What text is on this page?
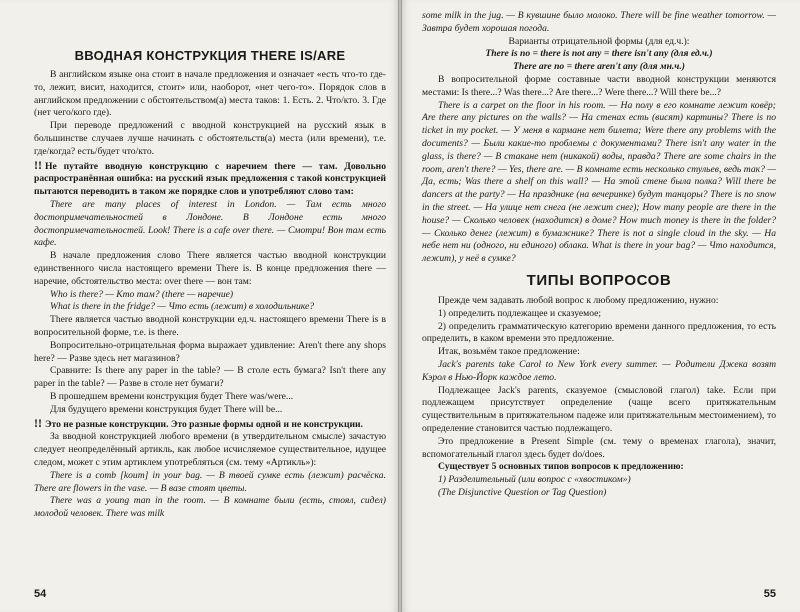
ВВОДНАЯ КОНСТРУКЦИЯ THERE IS/ARE

В английском языке она стоит в начале предложения и означает «есть что-то где-то, лежит, висит, находится, стоит» или, наоборот, «нет чего-то». Порядок слов в английском предложении с обстоятельством(а) места таков: 1. Есть. 2. Что/кто. 3. Где (нет чего/кого где).

При переводе предложений с вводной конструкцией на русский язык в большинстве случаев лучше начинать с обстоятельств(а) места (или времени), т.е. где/когда? есть/будет что/кто.

!! Не путайте вводную конструкцию с наречием there — там. Довольно распространённая ошибка: на русский язык предложения с такой конструкцией пытаются переводить в таком же порядке слов и употребляют слово там:

There are many places of interest in London. — Там есть много достопримечательностей в Лондоне. В Лондоне есть много достопримечательностей. Look! There is a cafe over there. — Смотри! Вон там есть кафе.

В начале предложения слово There является частью вводной конструкции единственного числа настоящего времени There is. В конце предложения there — наречие, обстоятельство места: over there — вон там:

Who is there? — Кто там? (there — наречие)

What is there in the fridge? — Что есть (лежит) в холодильнике?

There является частью вводной конструкции ед.ч. настоящего времени There is в вопросительной форме, т.е. is there.

Вопросительно-отрицательная форма выражает удивление: Aren't there any shops here? — Разве здесь нет магазинов?

Сравните: Is there any paper in the table? — В столе есть бумага? Isn't there any paper in the table? — Разве в столе нет бумаги?

В прошедшем времени конструкция будет There was/were...

Для будущего времени конструкция будет There will be...

!! Это не разные конструкции. Это разные формы одной и не конструкции.

За вводной конструкцией любого времени (в утвердительном смысле) зачастую следует неопределённый артикль, как любое исчисляемое существительное, идущее следом, может с этим артиклем употребляться (см. тему «Артикль»):

There is a comb [koum] in your bag. — В твоей сумке есть (лежит) расчёска. There are flowers in the vase. — В вазе стоят цветы.

There was a young man in the room. — В комнате были (есть, стоял, сидел) молодой человек. There was milk

54

some milk in the jug. — В кувшине было молоко. There will be fine weather tomorrow. — Завтра будет хорошая погода.

Варианты отрицательной формы (для ед.ч.):

There is no = there is not any = there isn't any (для ед.ч.)

There are no = there aren't any (для мн.ч.)

В вопросительной форме составные части вводной конструкции меняются местами: Is there...? Was there...? Are there...? Were there...? Will there be...?

There is a carpet on the floor in his room. — На полу в его комнате лежит ковёр; Are there any pictures on the walls? — На стенах есть (висят) картины? There is no ticket in my pocket. — У меня в кармане нет билета; Were there any problems with the documents? — Были какие-то проблемы с документами? There isn't any water in the glass, is there? — В стакане нет (никакой) воды, правда? There are some chairs in the room, aren't there? — Yes, there are. — В комнате есть несколько стульев, ведь так? — Да, есть; Was there a shelf on this wall? — На этой стене была полка? Will there be dancers at the party? — На празднике (на вечеринке) будут танцоры? There is no snow in the street. — На улице нет снега (не лежит снег); How many people are there in the house? — Сколько человек (находится) в доме? How much money is there in the folder? — Сколько денег (лежит) в бумажнике? There is not a single cloud in the sky. — На небе нет ни (одного, ни единого) облака. What is there in your bag? — Что находится, лежит), у неё в сумке?

ТИПЫ ВОПРОСОВ

Прежде чем задавать любой вопрос к любому предложению, нужно:

1) определить подлежащее и сказуемое;

2) определить грамматическую категорию времени данного предложения, то есть определить, в каком времени это предложение.

Итак, возьмём такое предложение:

Jack's parents take Carol to New York every summer. — Родители Джека возят Кэрол в Нью-Йорк каждое лето.

Подлежащее Jack's parents, сказуемое (смысловой глагол) take. Если при подлежащем присутствует определение (чаще всего притяжательным существительным в притяжательном падеже или притяжательным местоимением), то определение становится частью подлежащего.

Это предложение в Present Simple (см. тему о временах глагола), значит, вспомогательный глагол здесь будет do/does.

Существует 5 основных типов вопросов к предложению:

1) Разделительный (или вопрос с «хвостиком»)

(The Disjunctive Question or Tag Question)

55
